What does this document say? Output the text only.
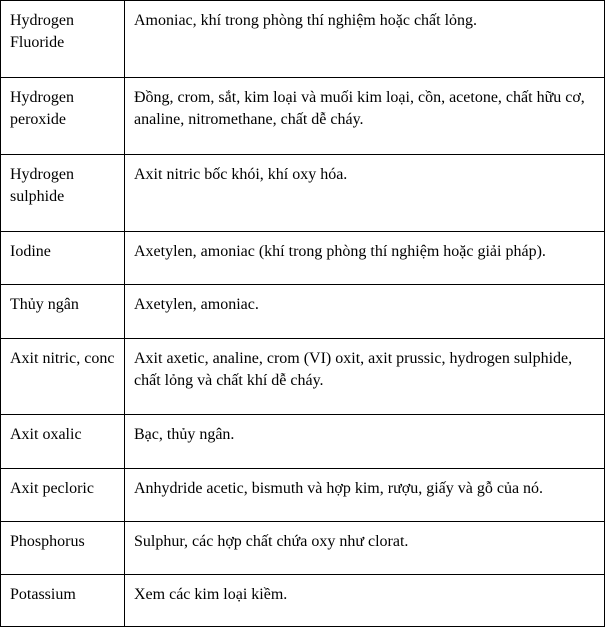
Hydrogen Fluoride	Amoniac, khí trong phòng thí nghiệm hoặc chất lỏng.
Hydrogen peroxide	Đồng, crom, sắt, kim loại và muối kim loại, cồn, acetone, chất hữu cơ, analine, nitromethane, chất dễ cháy.
Hydrogen sulphide	Axit nitric bốc khói, khí oxy hóa.
Iodine	Axetylen, amoniac (khí trong phòng thí nghiệm hoặc giải pháp).
Thủy ngân	Axetylen, amoniac.
Axit nitric, conc	Axit axetic, analine, crom (VI) oxit, axit prussic, hydrogen sulphide, chất lỏng và chất khí dễ cháy.
Axit oxalic	Bạc, thủy ngân.
Axit pecloric	Anhydride acetic, bismuth và hợp kim, rượu, giấy và gỗ của nó.
Phosphorus	Sulphur, các hợp chất chứa oxy như clorat.
Potassium	Xem các kim loại kiềm.
